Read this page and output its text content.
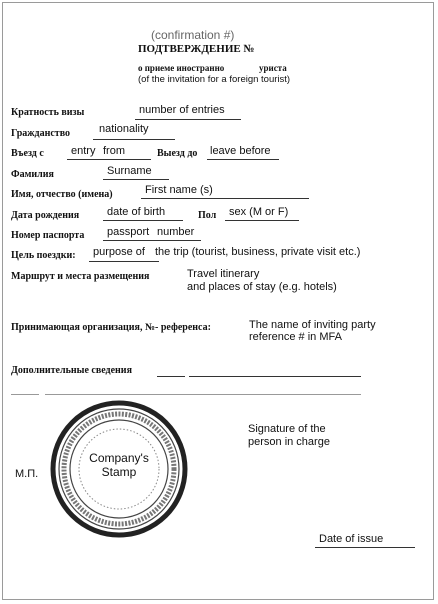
(confirmation #)
ПОДТВЕРЖДЕНИЕ №
о приеме иностранно	уриста
(of the invitation for a foreign tourist)
Кратность визы	number of entries
Гражданство	nationality
Въезд с entry from	Выезд до leave before
Фамилия	Surname
Имя, отчество (имена)	First name (s)
Дата рождения	date of birth	Пол sex (M or F)
Номер паспорта passport number
Цель поездки: purpose of the trip (tourist, business, private visit etc.)
Маршрут и места размещения	Travel itinerary
and places of stay (e.g. hotels)
Принимающая организация, №- референса:	The name of inviting party
reference # in MFA
Дополнительные сведения
М.П.
Company's
Stamp
Signature of the
person in charge
Date of issue
